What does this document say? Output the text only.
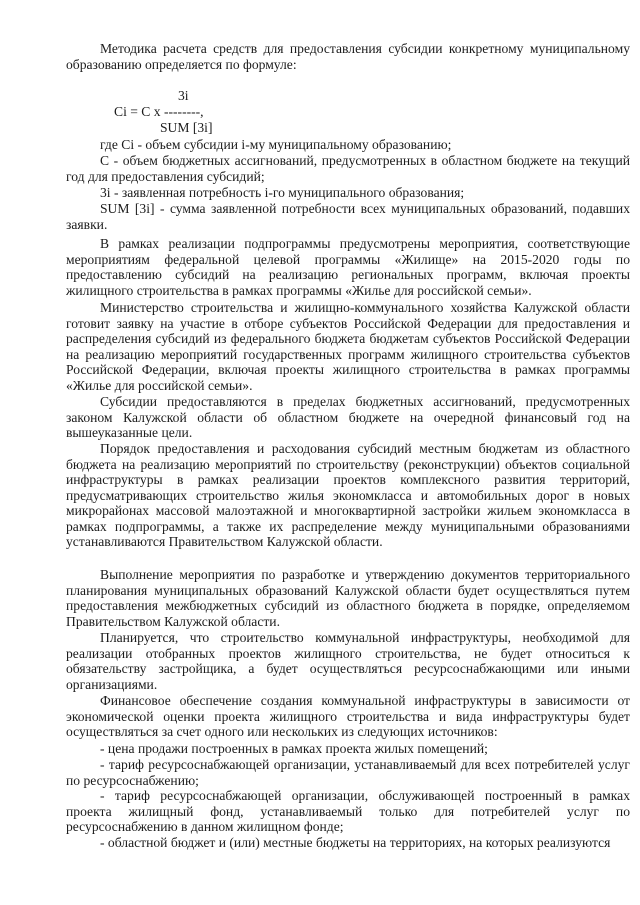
Методика расчета средств для предоставления субсидии конкретному муниципальному образованию определяется по формуле:

3i
Ci = C x --------,
SUM [3i]

где Ci - объем субсидии i-му муниципальному образованию;

С - объем бюджетных ассигнований, предусмотренных в областном бюджете на текущий год для предоставления субсидий;

3i - заявленная потребность i-го муниципального образования;

SUM [3i] - сумма заявленной потребности всех муниципальных образований, подавших заявки.

В рамках реализации подпрограммы предусмотрены мероприятия, соответствующие мероприятиям федеральной целевой программы «Жилище» на 2015-2020 годы по предоставлению субсидий на реализацию региональных программ, включая проекты жилищного строительства в рамках программы «Жилье для российской семьи».

Министерство строительства и жилищно-коммунального хозяйства Калужской области готовит заявку на участие в отборе субъектов Российской Федерации для предоставления и распределения субсидий из федерального бюджета бюджетам субъектов Российской Федерации на реализацию мероприятий государственных программ жилищного строительства субъектов Российской Федерации, включая проекты жилищного строительства в рамках программы «Жилье для российской семьи».

Субсидии предоставляются в пределах бюджетных ассигнований, предусмотренных законом Калужской области об областном бюджете на очередной финансовый год на вышеуказанные цели.

Порядок предоставления и расходования субсидий местным бюджетам из областного бюджета на реализацию мероприятий по строительству (реконструкции) объектов социальной инфраструктуры в рамках реализации проектов комплексного развития территорий, предусматривающих строительство жилья экономкласса и автомобильных дорог в новых микрорайонах массовой малоэтажной и многоквартирной застройки жильем экономкласса в рамках подпрограммы, а также их распределение между муниципальными образованиями устанавливаются Правительством Калужской области.

Выполнение мероприятия по разработке и утверждению документов территориального планирования муниципальных образований Калужской области будет осуществляться путем предоставления межбюджетных субсидий из областного бюджета в порядке, определяемом Правительством Калужской области.

Планируется, что строительство коммунальной инфраструктуры, необходимой для реализации отобранных проектов жилищного строительства, не будет относиться к обязательству застройщика, а будет осуществляться ресурсоснабжающими или иными организациями.

Финансовое обеспечение создания коммунальной инфраструктуры в зависимости от экономической оценки проекта жилищного строительства и вида инфраструктуры будет осуществляться за счет одного или нескольких из следующих источников:

- цена продажи построенных в рамках проекта жилых помещений;

- тариф ресурсоснабжающей организации, устанавливаемый для всех потребителей услуг по ресурсоснабжению;

- тариф ресурсоснабжающей организации, обслуживающей построенный в рамках проекта жилищный фонд, устанавливаемый только для потребителей услуг по ресурсоснабжению в данном жилищном фонде;

- областной бюджет и (или) местные бюджеты на территориях, на которых реализуются
